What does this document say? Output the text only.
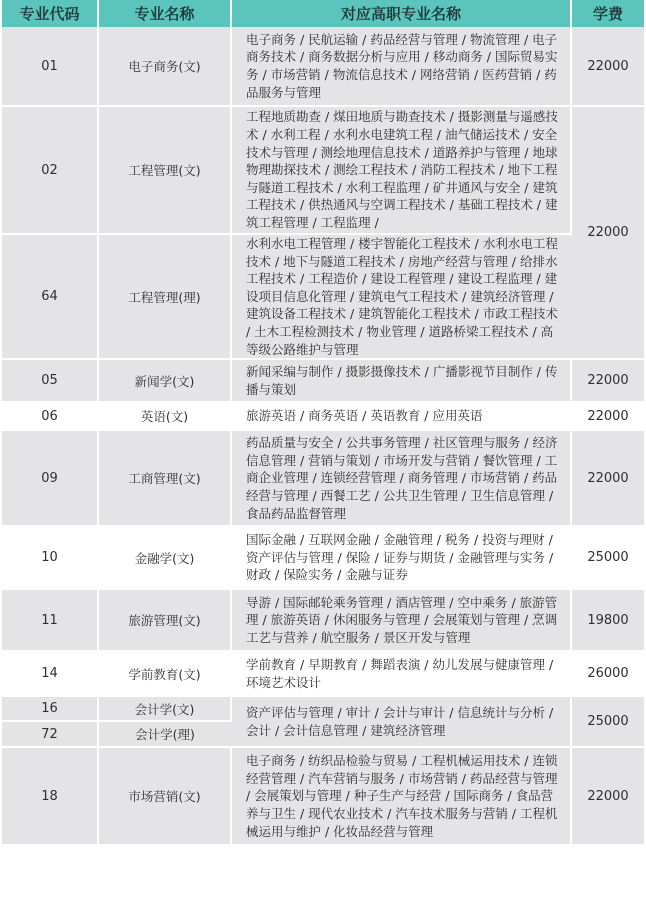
专业代码	专业名称	对应高职专业名称	学费
01	电子商务(文)	电子商务 / 民航运输 / 药品经营与管理 / 物流管理 / 电子商务技术 / 商务数据分析与应用 / 移动商务 / 国际贸易实务 / 市场营销 / 物流信息技术 / 网络营销 / 医药营销 / 药品服务与管理	22000
02	工程管理(文)	工程地质勘查 / 煤田地质与勘查技术 / 摄影测量与遥感技术 / 水利工程 / 水利水电建筑工程 / 油气储运技术 / 安全技术与管理 / 测绘地理信息技术 / 道路养护与管理 / 地球物理勘探技术 / 测绘工程技术 / 消防工程技术 / 地下工程与隧道工程技术 / 水利工程监理 / 矿井通风与安全 / 建筑工程技术 / 供热通风与空调工程技术 / 基础工程技术 / 建筑工程管理 / 工程监理 /	22000
64	工程管理(理)	水利水电工程管理 / 楼宇智能化工程技术 / 水利水电工程技术 / 地下与隧道工程技术 / 房地产经营与管理 / 给排水工程技术 / 工程造价 / 建设工程管理 / 建设工程监理 / 建设项目信息化管理 / 建筑电气工程技术 / 建筑经济管理 / 建筑设备工程技术 / 建筑智能化工程技术 / 市政工程技术 / 土木工程检测技术 / 物业管理 / 道路桥梁工程技术 / 高等级公路维护与管理	
05	新闻学(文)	新闻采编与制作 / 摄影摄像技术 / 广播影视节目制作 / 传播与策划	22000
06	英语(文)	旅游英语 / 商务英语 / 英语教育 / 应用英语	22000
09	工商管理(文)	药品质量与安全 / 公共事务管理 / 社区管理与服务 / 经济信息管理 / 营销与策划 / 市场开发与营销 / 餐饮管理 / 工商企业管理 / 连锁经营管理 / 商务管理 / 市场营销 / 药品经营与管理 / 西餐工艺 / 公共卫生管理 / 卫生信息管理 / 食品药品监督管理	22000
10	金融学(文)	国际金融 / 互联网金融 / 金融管理 / 税务 / 投资与理财 / 资产评估与管理 / 保险 / 证券与期货 / 金融管理与实务 / 财政 / 保险实务 / 金融与证券	25000
11	旅游管理(文)	导游 / 国际邮轮乘务管理 / 酒店管理 / 空中乘务 / 旅游管理 / 旅游英语 / 休闲服务与管理 / 会展策划与管理 / 烹调工艺与营养 / 航空服务 / 景区开发与管理	19800
14	学前教育(文)	学前教育 / 早期教育 / 舞蹈表演 / 幼儿发展与健康管理 / 环境艺术设计	26000
16	会计学(文)	资产评估与管理 / 审计 / 会计与审计 / 信息统计与分析 / 会计 / 会计信息管理 / 建筑经济管理	25000
72	会计学(理)		
18	市场营销(文)	电子商务 / 纺织品检验与贸易 / 工程机械运用技术 / 连锁经营管理 / 汽车营销与服务 / 市场营销 / 药品经营与管理 / 会展策划与管理 / 种子生产与经营 / 国际商务 / 食品营养与卫生 / 现代农业技术 / 汽车技术服务与营销 / 工程机械运用与维护 / 化妆品经营与管理	22000
